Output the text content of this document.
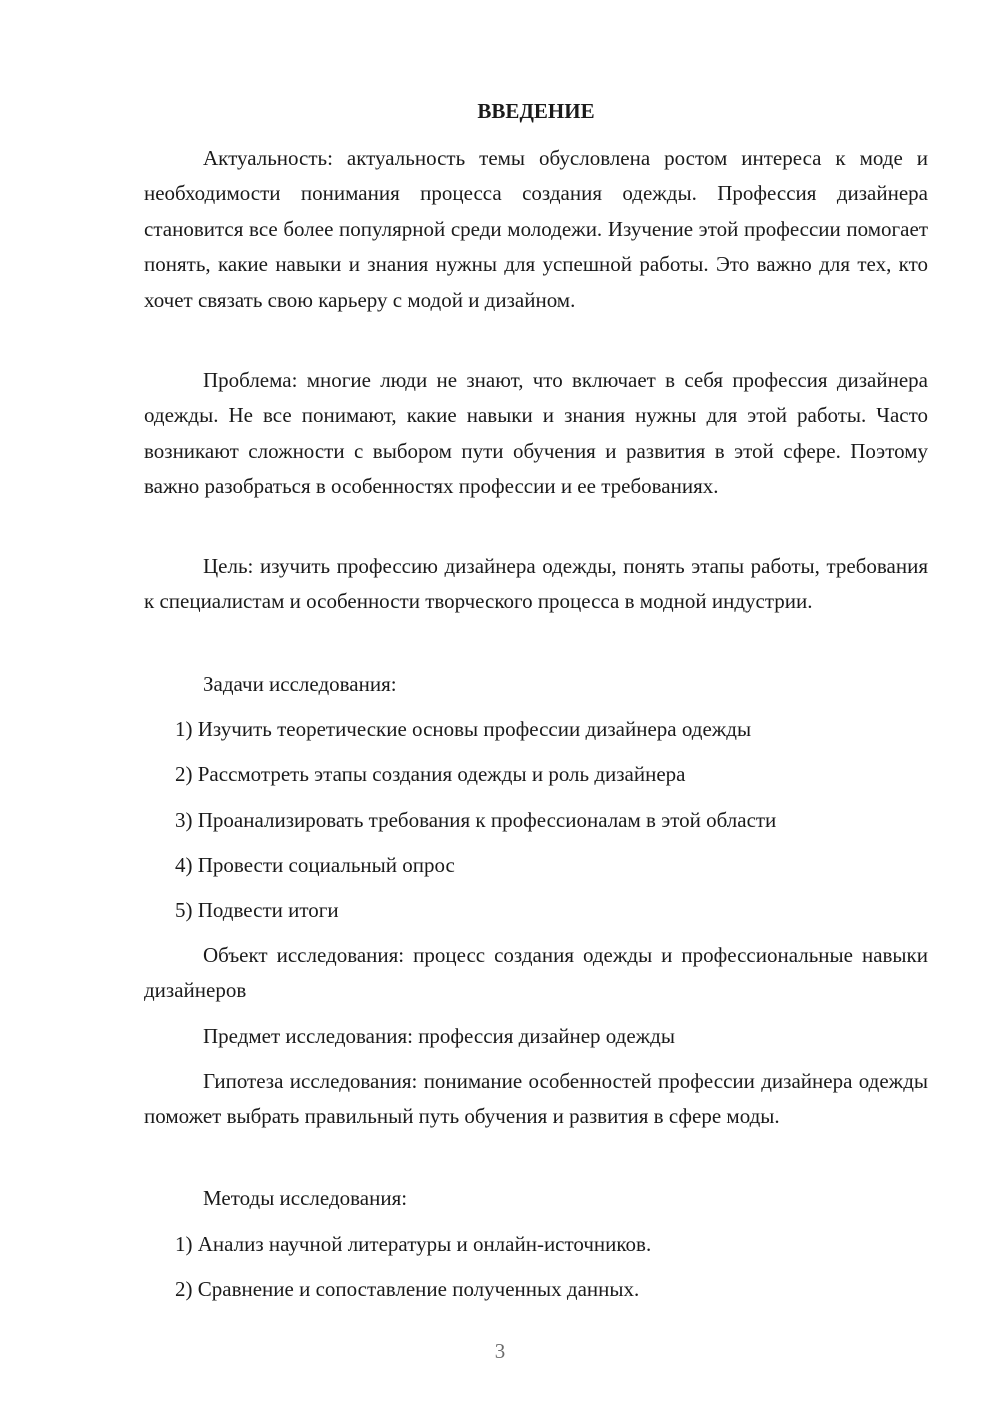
ВВЕДЕНИЕ

Актуальность: актуальность темы обусловлена ростом интереса к моде и необходимости понимания процесса создания одежды. Профессия дизайнера становится все более популярной среди молодежи. Изучение этой профессии помогает понять, какие навыки и знания нужны для успешной работы. Это важно для тех, кто хочет связать свою карьеру с модой и дизайном.

Проблема: многие люди не знают, что включает в себя профессия дизайнера одежды. Не все понимают, какие навыки и знания нужны для этой работы. Часто возникают сложности с выбором пути обучения и развития в этой сфере. Поэтому важно разобраться в особенностях профессии и ее требованиях.

Цель: изучить профессию дизайнера одежды, понять этапы работы, требования к специалистам и особенности творческого процесса в модной индустрии.

Задачи исследования:
1) Изучить теоретические основы профессии дизайнера одежды
2) Рассмотреть этапы создания одежды и роль дизайнера
3) Проанализировать требования к профессионалам в этой области
4) Провести социальный опрос
5) Подвести итоги

Объект исследования: процесс создания одежды и профессиональные навыки дизайнеров

Предмет исследования: профессия дизайнер одежды

Гипотеза исследования: понимание особенностей профессии дизайнера одежды поможет выбрать правильный путь обучения и развития в сфере моды.

Методы исследования:
1) Анализ научной литературы и онлайн-источников.
2) Сравнение и сопоставление полученных данных.
3
